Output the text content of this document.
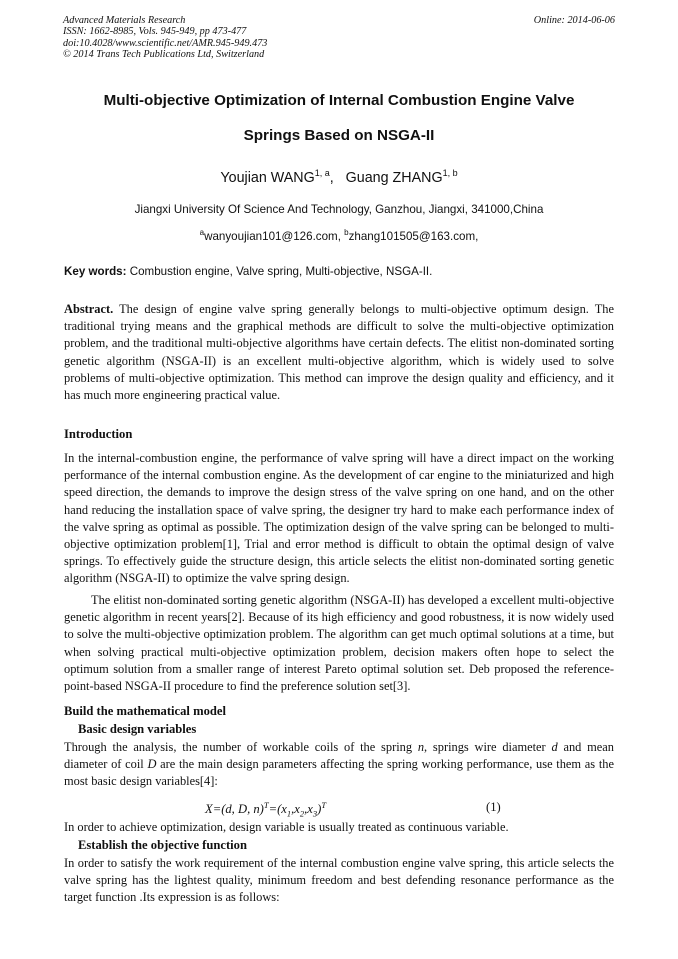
Advanced Materials Research
ISSN: 1662-8985, Vols. 945-949, pp 473-477
doi:10.4028/www.scientific.net/AMR.945-949.473
© 2014 Trans Tech Publications Ltd, Switzerland
Online: 2014-06-06
Multi-objective Optimization of Internal Combustion Engine Valve
Springs Based on NSGA-II
Youjian WANG$^{1, a}$, Guang ZHANG$^{1, b}$
Jiangxi University Of Science And Technology, Ganzhou, Jiangxi, 341000,China
$^a$wanyoujian101@126.com, $^b$zhang101505@163.com,
Key words: Combustion engine, Valve spring, Multi-objective, NSGA-II.
Abstract. The design of engine valve spring generally belongs to multi-objective optimum design. The traditional trying means and the graphical methods are difficult to solve the multi-objective optimization problem, and the traditional multi-objective algorithms have certain defects. The elitist non-dominated sorting genetic algorithm (NSGA-II) is an excellent multi-objective algorithm, which is widely used to solve problems of multi-objective optimization. This method can improve the design quality and efficiency, and it has much more engineering practical value.
Introduction
In the internal-combustion engine, the performance of valve spring will have a direct impact on the working performance of the internal combustion engine. As the development of car engine to the miniaturized and high speed direction, the demands to improve the design stress of the valve spring on one hand, and on the other hand reducing the installation space of valve spring, the designer try hard to make each performance index of the valve spring as optimal as possible. The optimization design of the valve spring can be belonged to multi-objective optimization problem[1], Trial and error method is difficult to obtain the optimal design of valve springs. To effectively guide the structure design, this article selects the elitist non-dominated sorting genetic algorithm (NSGA-II) to optimize the valve spring design.
The elitist non-dominated sorting genetic algorithm (NSGA-II) has developed a excellent multi-objective genetic algorithm in recent years[2]. Because of its high efficiency and good robustness, it is now widely used to solve the multi-objective optimization problem. The algorithm can get much optimal solutions at a time, but when solving practical multi-objective optimization problem, decision makers often hope to select the optimum solution from a smaller range of interest Pareto optimal solution set. Deb proposed the reference-point-based NSGA-II procedure to find the preference solution set[3].
Build the mathematical model
Basic design variables
Through the analysis, the number of workable coils of the spring n, springs wire diameter d and mean diameter of coil D are the main design parameters affecting the spring working performance, use them as the most basic design variables[4]:
X=(d, D, $n)^T=(x_1,x_2,x_3)^T$	(1)
In order to achieve optimization, design variable is usually treated as continuous variable.
Establish the objective function
In order to satisfy the work requirement of the internal combustion engine valve spring, this article selects the valve spring has the lightest quality, minimum freedom and best defending resonance performance as the target function .Its expression is as follows:
